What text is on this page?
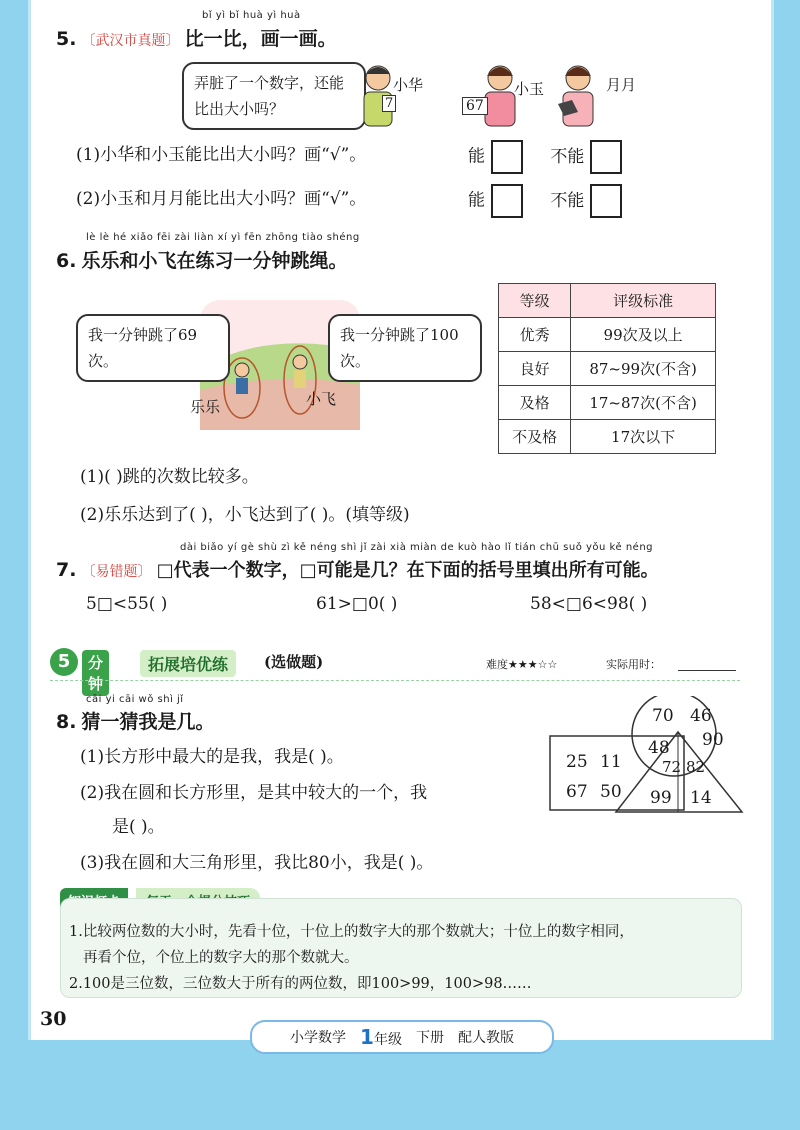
bǐ yì bǐ huà yì huà
5. 〔武汉市真题〕 比一比，画一画。
弄脏了一个数字，还能比出大小吗？	7	67
小华	小玉	月月
(1)小华和小玉能比出大小吗？画“√”。	能	不能
(2)小玉和月月能比出大小吗？画“√”。	能	不能
lè lè hé xiǎo fēi zài liàn xí yì fēn zhōng tiào shéng
6. 乐乐和小飞在练习一分钟跳绳。
我一分钟跳了69次。
我一分钟跳了100次。
乐乐	小飞
等级	评级标准
优秀	99次及以上
良好	87~99次(不含)
及格	17~87次(不含)
不及格	17次以下
(1)( )跳的次数比较多。
(2)乐乐达到了( )，小飞达到了( )。(填等级)
dài biǎo yí gè shù zì kě néng shì jǐ zài xià miàn de kuò hào lǐ tián chū suǒ yǒu kě néng
7. 〔易错题〕 □代表一个数字，□可能是几？在下面的括号里填出所有可能。
5□<55( )	61>□0( )	58<□6<98( )
5	分钟
拓展培优练	(选做题)	难度★★★☆☆	实际用时：
cāi yi cāi wǒ shì jǐ
8. 猜一猜我是几。
(1)长方形中最大的是我，我是( )。
(2)我在圆和长方形里，是其中较大的一个，我
是( )。
(3)我在圆和大三角形里，我比80小，我是( )。
70 46
90
48
72 82
25 11
67 50 99 14
1.比较两位数的大小时，先看十位，十位上的数字大的那个数就大；十位上的数字相同，
再看个位，个位上的数字大的那个数就大。
2.100是三位数，三位数大于所有的两位数，即100>99，100>98……
30
小学数学 1年级 下册 配人教版
